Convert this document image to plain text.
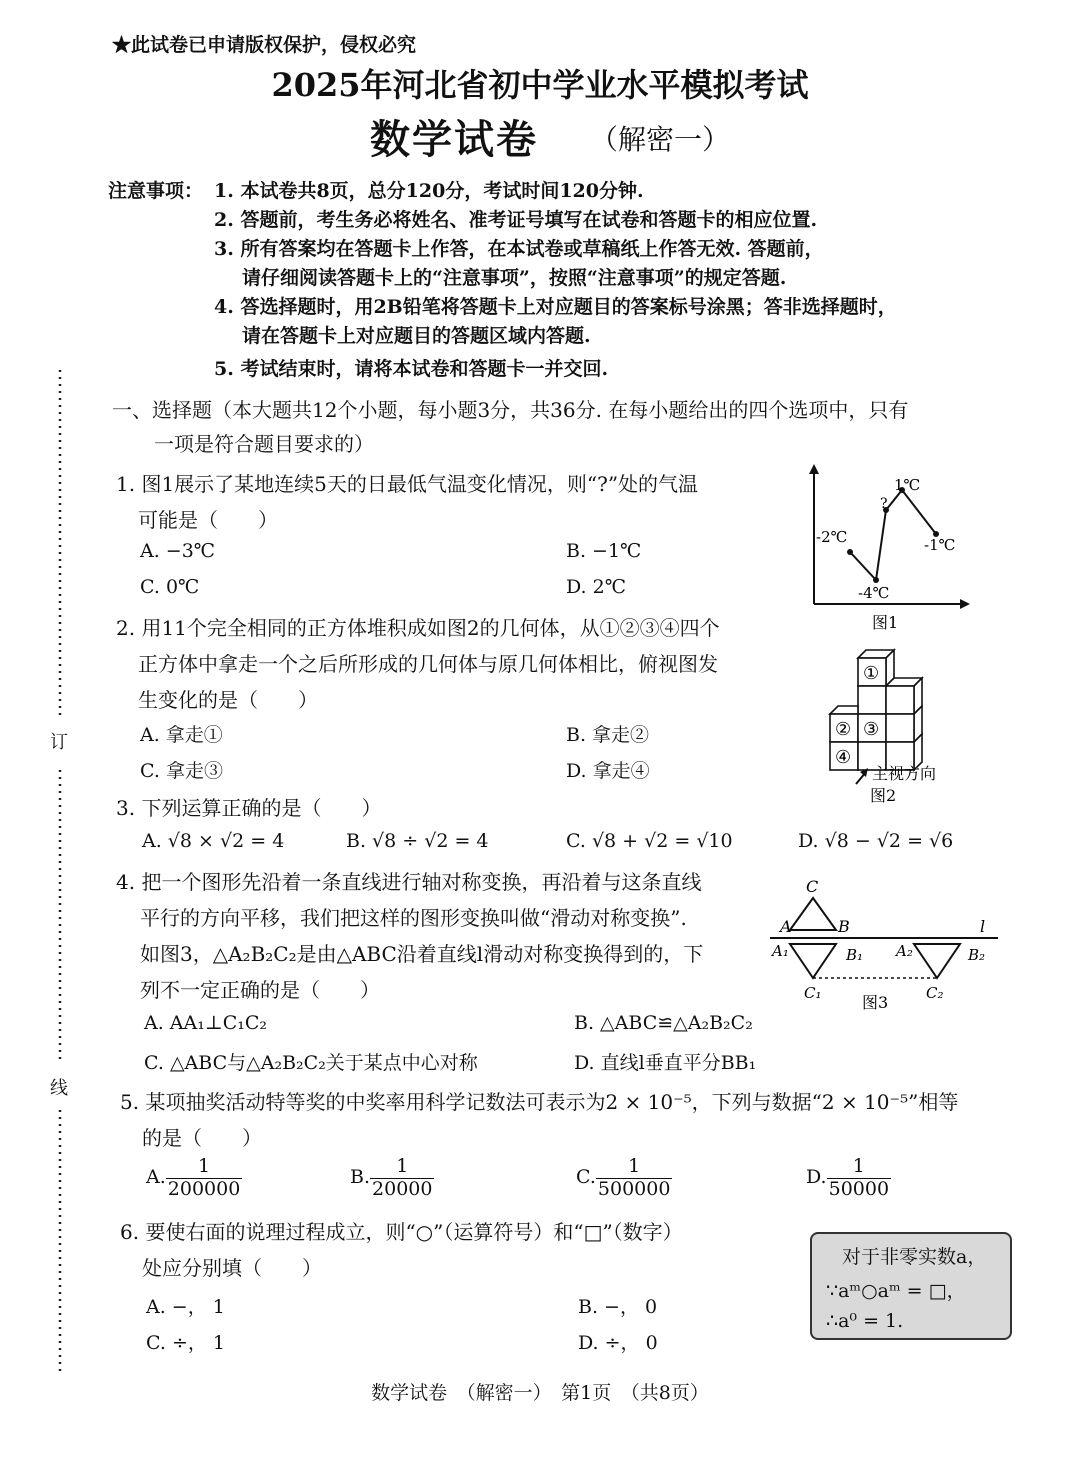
★此试卷已申请版权保护，侵权必究
2025年河北省初中学业水平模拟考试
数学试卷 （解密一）
注意事项： 1. 本试卷共8页，总分120分，考试时间120分钟.
2. 答题前，考生务必将姓名、准考证号填写在试卷和答题卡的相应位置.
3. 所有答案均在答题卡上作答，在本试卷或草稿纸上作答无效. 答题前，
请仔细阅读答题卡上的“注意事项”，按照“注意事项”的规定答题.
4. 答选择题时，用2B铅笔将答题卡上对应题目的答案标号涂黑；答非选择题时，
请在答题卡上对应题目的答题区域内答题.
5. 考试结束时，请将本试卷和答题卡一并交回.
订
线
一、选择题（本大题共12个小题，每小题3分，共36分. 在每小题给出的四个选项中，只有
一项是符合题目要求的）
1. 图1展示了某地连续5天的日最低气温变化情况，则“?”处的气温
可能是（　　）
A. −3℃	B. −1℃
C. 0℃	D. 2℃
-2℃
-4℃
?
1℃
-1℃
图1
2. 用11个完全相同的正方体堆积成如图2的几何体，从①②③④四个
正方体中拿走一个之后所形成的几何体与原几何体相比，俯视图发
生变化的是（　　）
A. 拿走①	B. 拿走②
C. 拿走③	D. 拿走④
①
② ③
④
主视方向
图2
3. 下列运算正确的是（　　）
A. √8 × √2 = 4	B. √8 ÷ √2 = 4	C. √8 + √2 = √10	D. √8 − √2 = √6
4. 把一个图形先沿着一条直线进行轴对称变换，再沿着与这条直线
平行的方向平移，我们把这样的图形变换叫做“滑动对称变换”.
如图3，△A₂B₂C₂是由△ABC沿着直线l滑动对称变换得到的，下
列不一定正确的是（　　）
A. AA₁⊥C₁C₂	B. △ABC≌△A₂B₂C₂
C. △ABC与△A₂B₂C₂关于某点中心对称	D. 直线l垂直平分BB₁
C
A	B	l
A₁	B₁ A₂	B₂
C₁	C₂
图3
5. 某项抽奖活动特等奖的中奖率用科学记数法可表示为2 × 10⁻⁵，下列与数据“2 × 10⁻⁵”相等
的是（　　）
A. $\frac{1}{200000}$	B. $\frac{1}{20000}$	C. $\frac{1}{500000}$	D. $\frac{1}{50000}$
6. 要使右面的说理过程成立，则“○”（运算符号）和“□”（数字）
处应分别填（　　）
A. −， 1	B. −， 0
C. ÷， 1	D. ÷， 0
对于非零实数a，
∵aᵐ○aᵐ = □，
∴a⁰ = 1.
数学试卷　（解密一）　第1页　（共8页）
